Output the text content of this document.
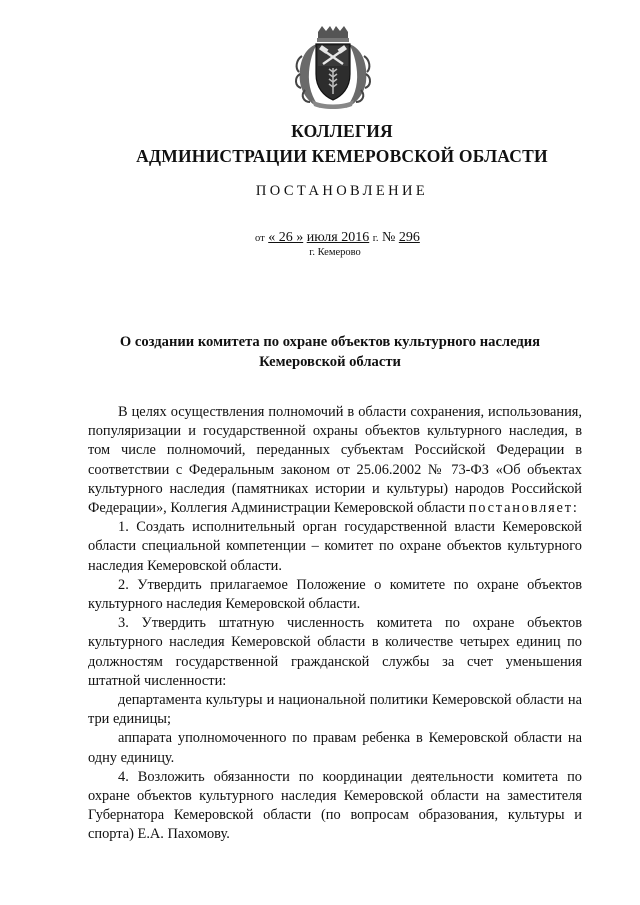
КОЛЛЕГИЯ
АДМИНИСТРАЦИИ КЕМЕРОВСКОЙ ОБЛАСТИ
ПОСТАНОВЛЕНИЕ
от « 26 » июля 2016 г. № 296
г. Кемерово
О создании комитета по охране объектов культурного наследия
Кемеровской области

В целях осуществления полномочий в области сохранения, использования, популяризации и государственной охраны объектов культурного наследия, в том числе полномочий, переданных субъектам Российской Федерации в соответствии с Федеральным законом от 25.06.2002 № 73-ФЗ «Об объектах культурного наследия (памятниках истории и культуры) народов Российской Федерации», Коллегия Администрации Кемеровской области постановляет:

1. Создать исполнительный орган государственной власти Кемеровской области специальной компетенции – комитет по охране объектов культурного наследия Кемеровской области.

2. Утвердить прилагаемое Положение о комитете по охране объектов культурного наследия Кемеровской области.

3. Утвердить штатную численность комитета по охране объектов культурного наследия Кемеровской области в количестве четырех единиц по должностям государственной гражданской службы за счет уменьшения штатной численности:

департамента культуры и национальной политики Кемеровской области на три единицы;

аппарата уполномоченного по правам ребенка в Кемеровской области на одну единицу.

4. Возложить обязанности по координации деятельности комитета по охране объектов культурного наследия Кемеровской области на заместителя Губернатора Кемеровской области (по вопросам образования, культуры и спорта) Е.А. Пахомову.
